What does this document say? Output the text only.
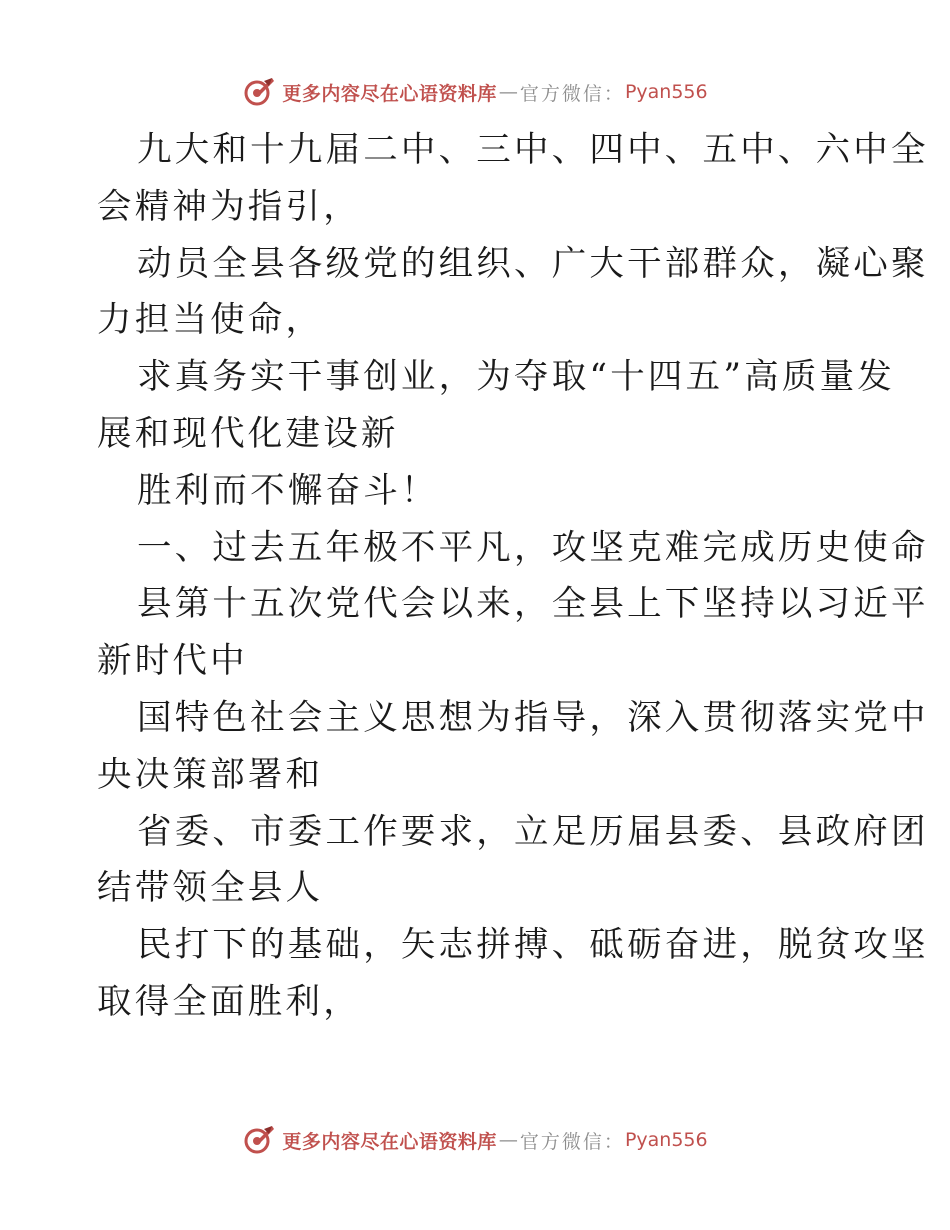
更多内容尽在心语资料库 — 官方微信： Pyan556
九大和十九届二中、三中、四中、五中、六中全
会精神为指引，
动员全县各级党的组织、广大干部群众，凝心聚
力担当使命，
求真务实干事创业，为夺取“十四五”高质量发
展和现代化建设新
胜利而不懈奋斗！
一、过去五年极不平凡，攻坚克难完成历史使命
县第十五次党代会以来，全县上下坚持以习近平
新时代中
国特色社会主义思想为指导，深入贯彻落实党中
央决策部署和
省委、市委工作要求，立足历届县委、县政府团
结带领全县人
民打下的基础，矢志拼搏、砥砺奋进，脱贫攻坚
取得全面胜利，
更多内容尽在心语资料库 — 官方微信： Pyan556
